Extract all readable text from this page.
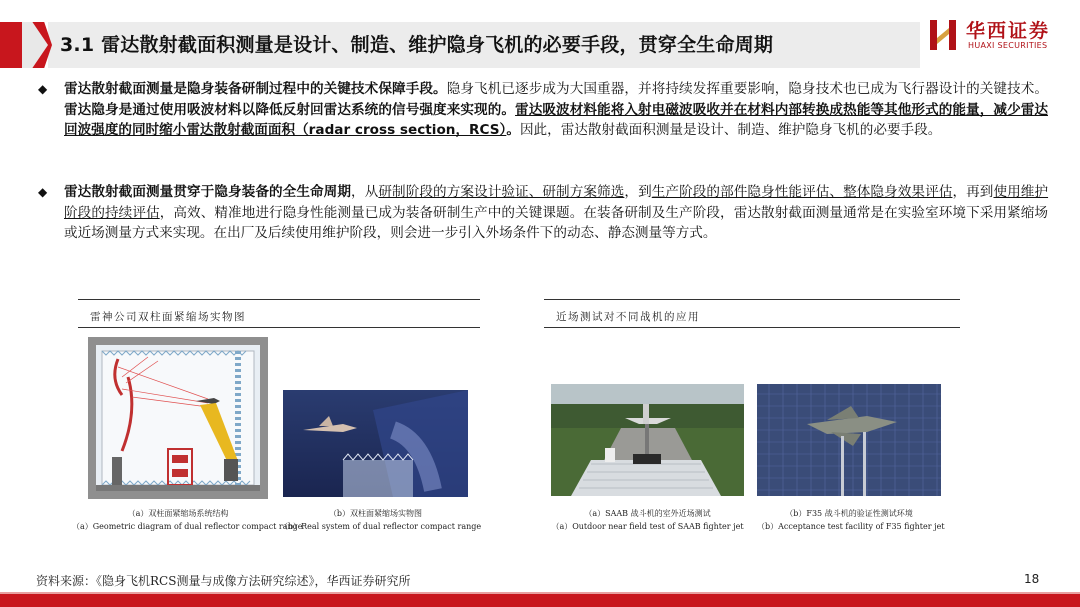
3.1 雷达散射截面积测量是设计、制造、维护隐身飞机的必要手段，贯穿全生命周期
华西证券
HUAXI SECURITIES
◆ 雷达散射截面测量是隐身装备研制过程中的关键技术保障手段。隐身飞机已逐步成为大国重器，并将持续发挥重要影响，隐身技术也已成为飞行器设计的关键技术。雷达隐身是通过使用吸波材料以降低反射回雷达系统的信号强度来实现的。雷达吸波材料能将入射电磁波吸收并在材料内部转换成热能等其他形式的能量，减少雷达回波强度的同时缩小雷达散射截面面积（radar cross section，RCS）。因此，雷达散射截面积测量是设计、制造、维护隐身飞机的必要手段。
◆ 雷达散射截面测量贯穿于隐身装备的全生命周期，从研制阶段的方案设计验证、研制方案筛选，到生产阶段的部件隐身性能评估、整体隐身效果评估，再到使用维护阶段的持续评估，高效、精准地进行隐身性能测量已成为装备研制生产中的关键课题。在装备研制及生产阶段，雷达散射截面测量通常是在实验室环境下采用紧缩场或近场测量方式来实现。在出厂及后续使用维护阶段，则会进一步引入外场条件下的动态、静态测量等方式。
雷神公司双柱面紧缩场实物图
（a）双柱面紧缩场系统结构
（a）Geometric diagram of dual reflector compact range
（b）双柱面紧缩场实物图
（b）Real system of dual reflector compact range
近场测试对不同战机的应用
（a）SAAB 战斗机的室外近场测试
（a）Outdoor near field test of SAAB fighter jet
（b）F35 战斗机的验证性测试环境
（b）Acceptance test facility of F35 fighter jet
资料来源：《隐身飞机RCS测量与成像方法研究综述》，华西证券研究所	18
